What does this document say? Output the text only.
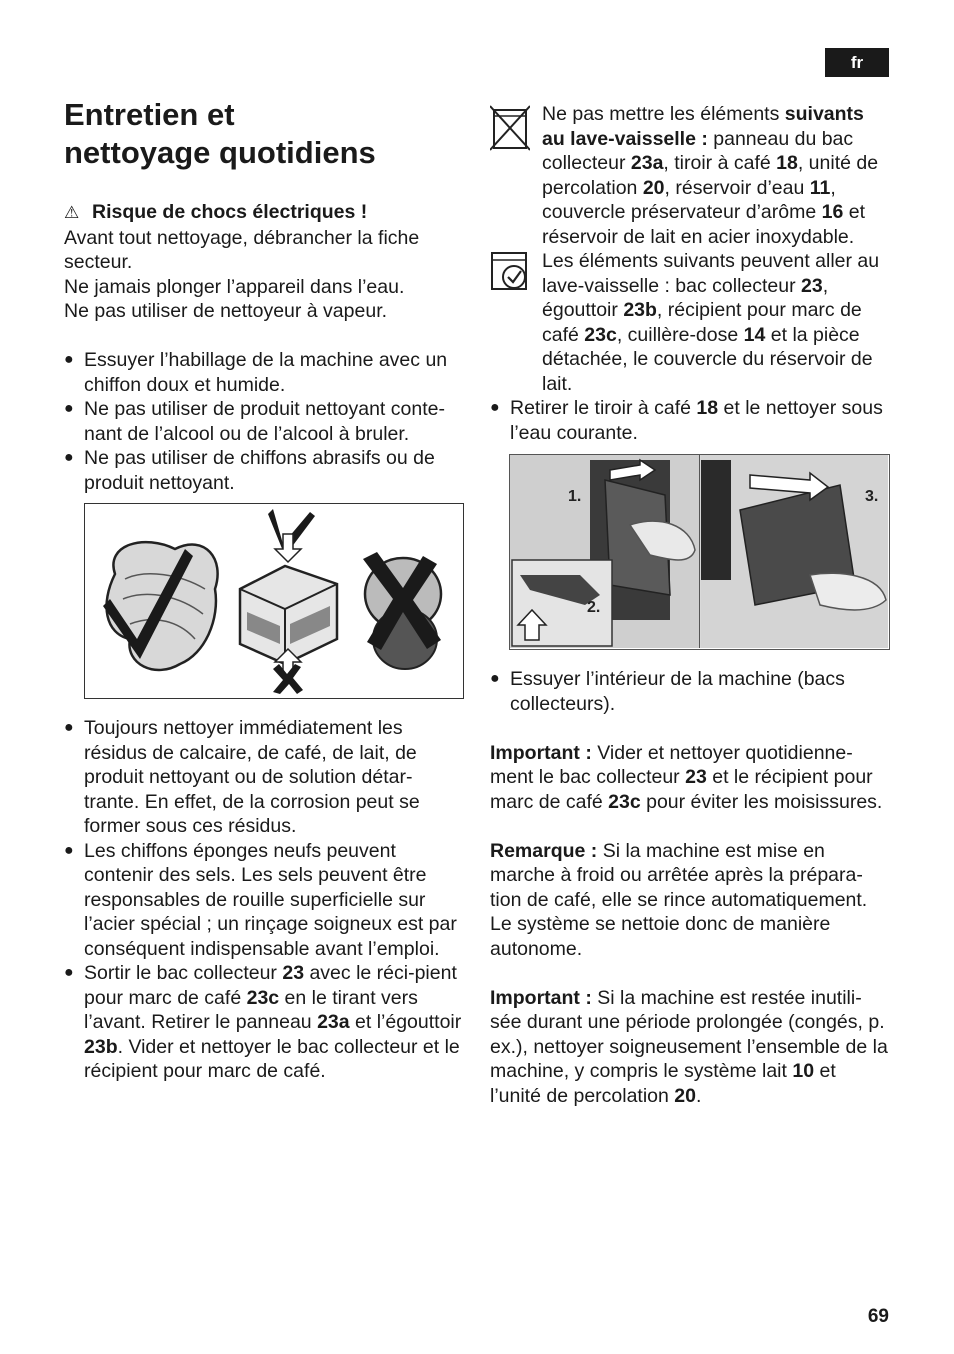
fr
Entretien et
nettoyage quotidiens

⚠ Risque de chocs électriques !

Avant tout nettoyage, débrancher la fiche secteur.

Ne jamais plonger l’appareil dans l’eau.

Ne pas utiliser de nettoyeur à vapeur.

● Essuyer l’habillage de la machine avec un chiffon doux et humide.

● Ne pas utiliser de produit nettoyant conte-nant de l’alcool ou de l’alcool à bruler.

● Ne pas utiliser de chiffons abrasifs ou de produit nettoyant.

● Toujours nettoyer immédiatement les résidus de calcaire, de café, de lait, de produit nettoyant ou de solution détar-trante. En effet, de la corrosion peut se former sous ces résidus.

● Les chiffons éponges neufs peuvent contenir des sels. Les sels peuvent être responsables de rouille superficielle sur l’acier spécial ; un rinçage soigneux est par conséquent indispensable avant l’emploi.

● Sortir le bac collecteur 23 avec le réci-pient pour marc de café 23c en le tirant vers l’avant. Retirer le panneau 23a et l’égouttoir 23b. Vider et nettoyer le bac collecteur et le récipient pour marc de café.

Ne pas mettre les éléments suivants au lave-vaisselle : panneau du bac collecteur 23a, tiroir à café 18, unité de percolation 20, réservoir d’eau 11, couvercle préservateur d’arôme 16 et réservoir de lait en acier inoxydable.

Les éléments suivants peuvent aller au lave-vaisselle : bac collecteur 23, égouttoir 23b, récipient pour marc de café 23c, cuillère-dose 14 et la pièce détachée, le couvercle du réservoir de lait.

● Retirer le tiroir à café 18 et le nettoyer sous l’eau courante.

1.
2.
3.

● Essuyer l’intérieur de la machine (bacs collecteurs).

Important : Vider et nettoyer quotidienne-ment le bac collecteur 23 et le récipient pour marc de café 23c pour éviter les moisissures.

Remarque : Si la machine est mise en marche à froid ou arrêtée après la prépara-tion de café, elle se rince automatiquement. Le système se nettoie donc de manière autonome.

Important : Si la machine est restée inutili-sée durant une période prolongée (congés, p. ex.), nettoyer soigneusement l’ensemble de la machine, y compris le système lait 10 et l’unité de percolation 20.

69
